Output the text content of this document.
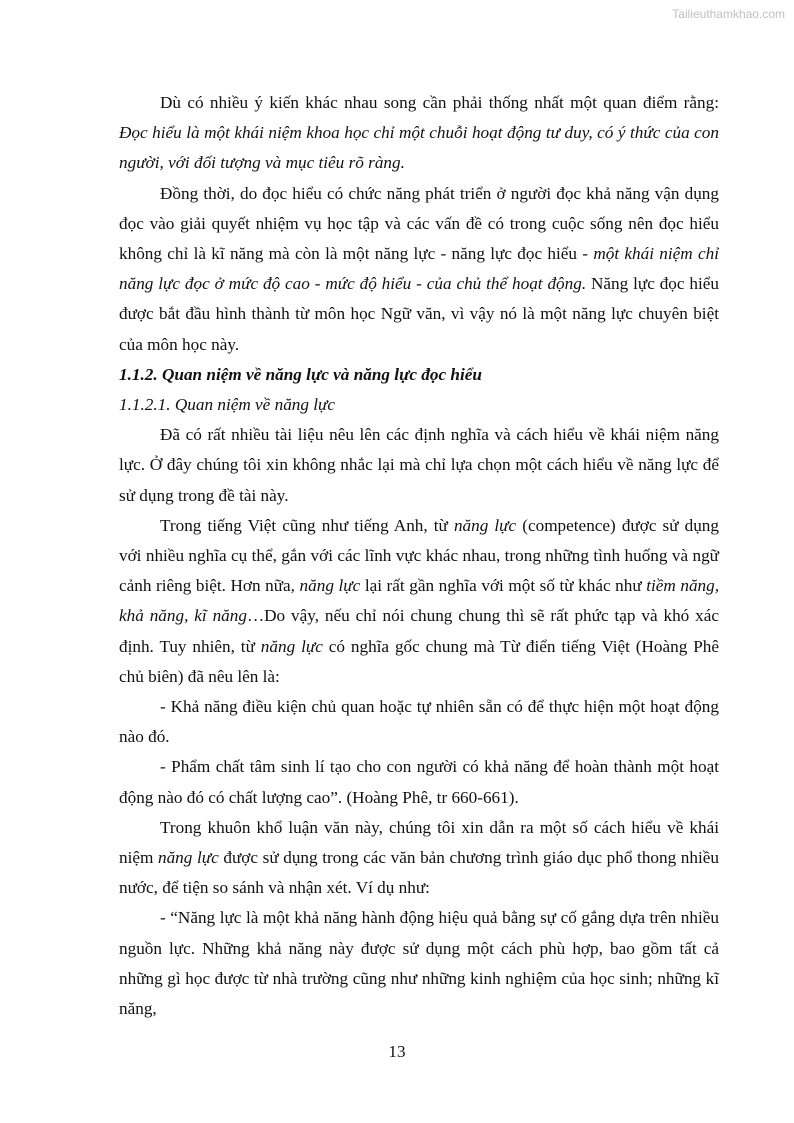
Tailieuthamkhao.com

Dù có nhiều ý kiến khác nhau song cần phải thống nhất một quan điểm rằng: Đọc hiểu là một khái niệm khoa học chỉ một chuỗi hoạt động tư duy, có ý thức của con người, với đối tượng và mục tiêu rõ ràng.

Đồng thời, do đọc hiểu có chức năng phát triển ở người đọc khả năng vận dụng đọc vào giải quyết nhiệm vụ học tập và các vấn đề có trong cuộc sống nên đọc hiểu không chỉ là kĩ năng mà còn là một năng lực - năng lực đọc hiểu - một khái niệm chỉ năng lực đọc ở mức độ cao - mức độ hiểu - của chủ thể hoạt động. Năng lực đọc hiểu được bắt đầu hình thành từ môn học Ngữ văn, vì vậy nó là một năng lực chuyên biệt của môn học này.

1.1.2. Quan niệm về năng lực và năng lực đọc hiểu

1.1.2.1. Quan niệm về năng lực

Đã có rất nhiều tài liệu nêu lên các định nghĩa và cách hiểu về khái niệm năng lực. Ở đây chúng tôi xin không nhắc lại mà chỉ lựa chọn một cách hiểu về năng lực để sử dụng trong đề tài này.

Trong tiếng Việt cũng như tiếng Anh, từ năng lực (competence) được sử dụng với nhiều nghĩa cụ thể, gắn với các lĩnh vực khác nhau, trong những tình huống và ngữ cảnh riêng biệt. Hơn nữa, năng lực lại rất gần nghĩa với một số từ khác như tiềm năng, khả năng, kĩ năng…Do vậy, nếu chỉ nói chung chung thì sẽ rất phức tạp và khó xác định. Tuy nhiên, từ năng lực có nghĩa gốc chung mà Từ điển tiếng Việt (Hoàng Phê chủ biên) đã nêu lên là:

- Khả năng điều kiện chủ quan hoặc tự nhiên sẵn có để thực hiện một hoạt động nào đó.

- Phẩm chất tâm sinh lí tạo cho con người có khả năng để hoàn thành một hoạt động nào đó có chất lượng cao”. (Hoàng Phê, tr 660-661).

Trong khuôn khổ luận văn này, chúng tôi xin dẫn ra một số cách hiểu về khái niệm năng lực được sử dụng trong các văn bản chương trình giáo dục phổ thong nhiều nước, để tiện so sánh và nhận xét. Ví dụ như:

- “Năng lực là một khả năng hành động hiệu quả bằng sự cố gắng dựa trên nhiều nguồn lực. Những khả năng này được sử dụng một cách phù hợp, bao gồm tất cả những gì học được từ nhà trường cũng như những kinh nghiệm của học sinh; những kĩ năng,

13
